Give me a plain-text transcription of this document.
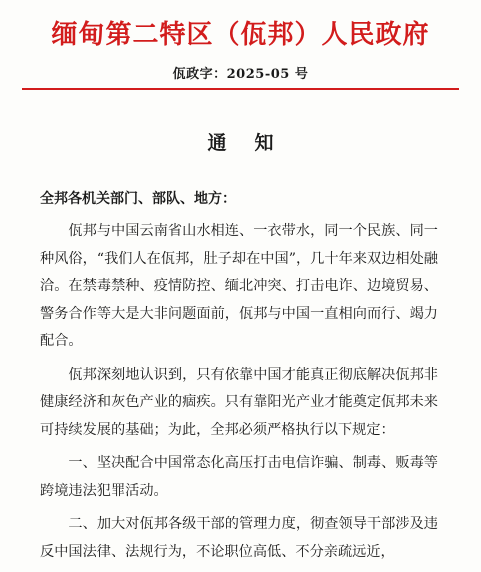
缅甸第二特区（佤邦）人民政府
佤政字：2025-05 号
通知
全邦各机关部门、部队、地方：

佤邦与中国云南省山水相连、一衣带水，同一个民族、同一种风俗，“我们人在佤邦，肚子却在中国”，几十年来双边相处融洽。在禁毒禁种、疫情防控、缅北冲突、打击电诈、边境贸易、警务合作等大是大非问题面前，佤邦与中国一直相向而行、竭力配合。

佤邦深刻地认识到，只有依靠中国才能真正彻底解决佤邦非健康经济和灰色产业的痼疾。只有靠阳光产业才能奠定佤邦未来可持续发展的基础；为此，全邦必须严格执行以下规定：

一、坚决配合中国常态化高压打击电信诈骗、制毒、贩毒等跨境违法犯罪活动。

二、加大对佤邦各级干部的管理力度，彻查领导干部涉及违反中国法律、法规行为，不论职位高低、不分亲疏远近，
